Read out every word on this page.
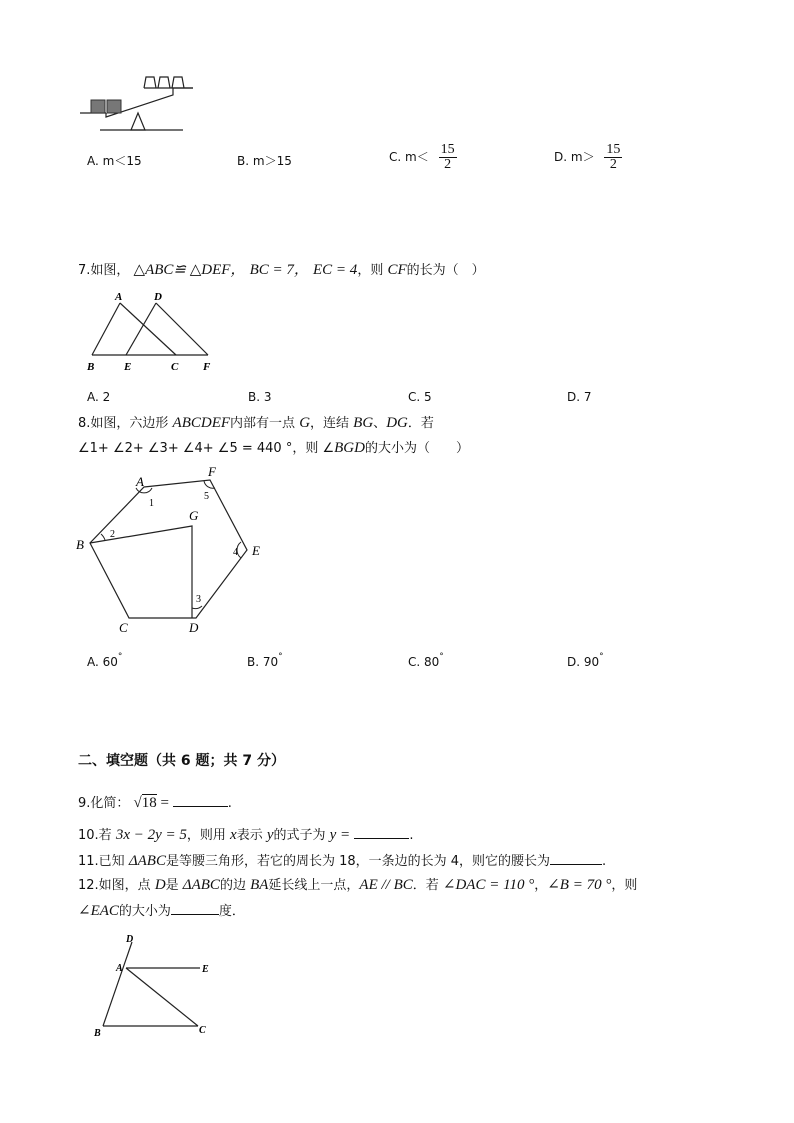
A. m＜15	B. m＞15	C. $m< \frac{15}{2}$	D. $m> \frac{15}{2}$
7.如图， △ABC≌ △DEF， BC = 7， EC = 4，则 CF的长为（　）
A	D
B	E	C F
A. 2	B. 3	C. 5	D. 7
8.如图，六边形 ABCDEF内部有一点 G，连结 BG、DG．若
∠1+ ∠2+ ∠3+ ∠4+ ∠5 = 440 °，则 ∠BGD的大小为（　　）
A
F
G
B	E
C	D
1
5
2
4
3
A. 60°	B. 70°	C. 80°	D. 90°
二、填空题（共 6 题；共 7 分）
9.化简： √18 =	.
10.若 3x − 2y = 5，则用 x表示 y的式子为 y =	.
11.已知 ΔABC是等腰三角形，若它的周长为 18，一条边的长为 4，则它的腰长为	.
12.如图，点 D是 ΔABC的边 BA延长线上一点，AE // BC．若 ∠DAC = 110 °，∠B = 70 °，则
∠EAC的大小为	度．
D
A	E
B	C
